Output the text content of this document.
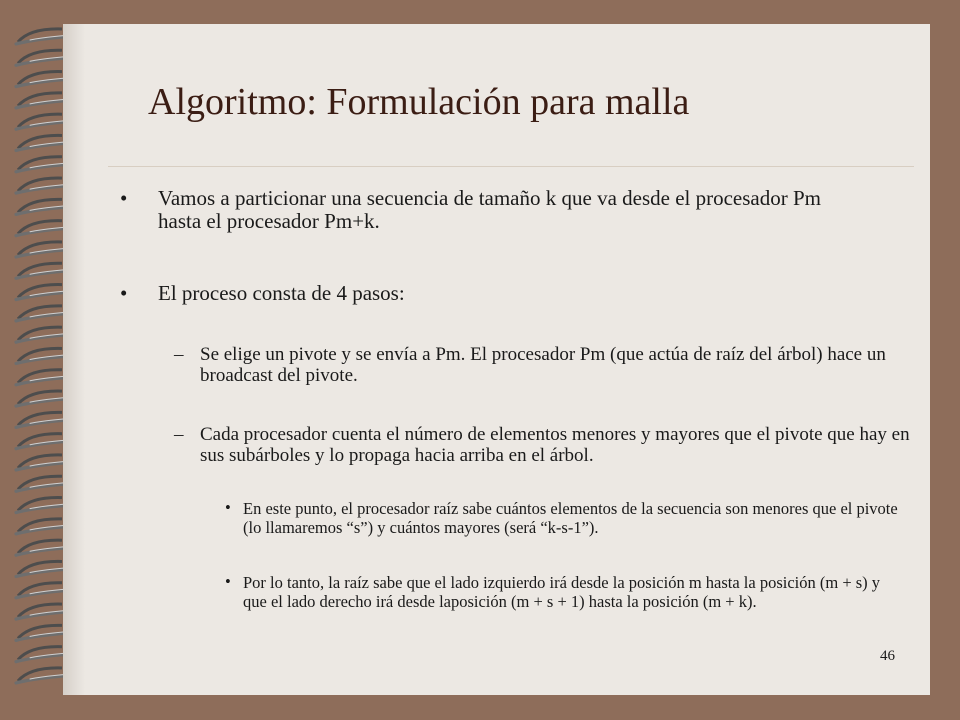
Algoritmo: Formulación para malla
• Vamos a particionar una secuencia de tamaño k que va desde el procesador Pm hasta el procesador Pm+k.
• El proceso consta de 4 pasos:
– Se elige un pivote y se envía a Pm. El procesador Pm (que actúa de raíz del árbol) hace un broadcast del pivote.
– Cada procesador cuenta el número de elementos menores y mayores que el pivote que hay en sus subárboles y lo propaga hacia arriba en el árbol.
• En este punto, el procesador raíz sabe cuántos elementos de la secuencia son menores que el pivote (lo llamaremos “s”) y cuántos mayores (será “k-s-1”).
• Por lo tanto, la raíz sabe que el lado izquierdo irá desde la posición m hasta la posición (m + s) y que el lado derecho irá desde laposición (m + s + 1) hasta la posición (m + k).
46
